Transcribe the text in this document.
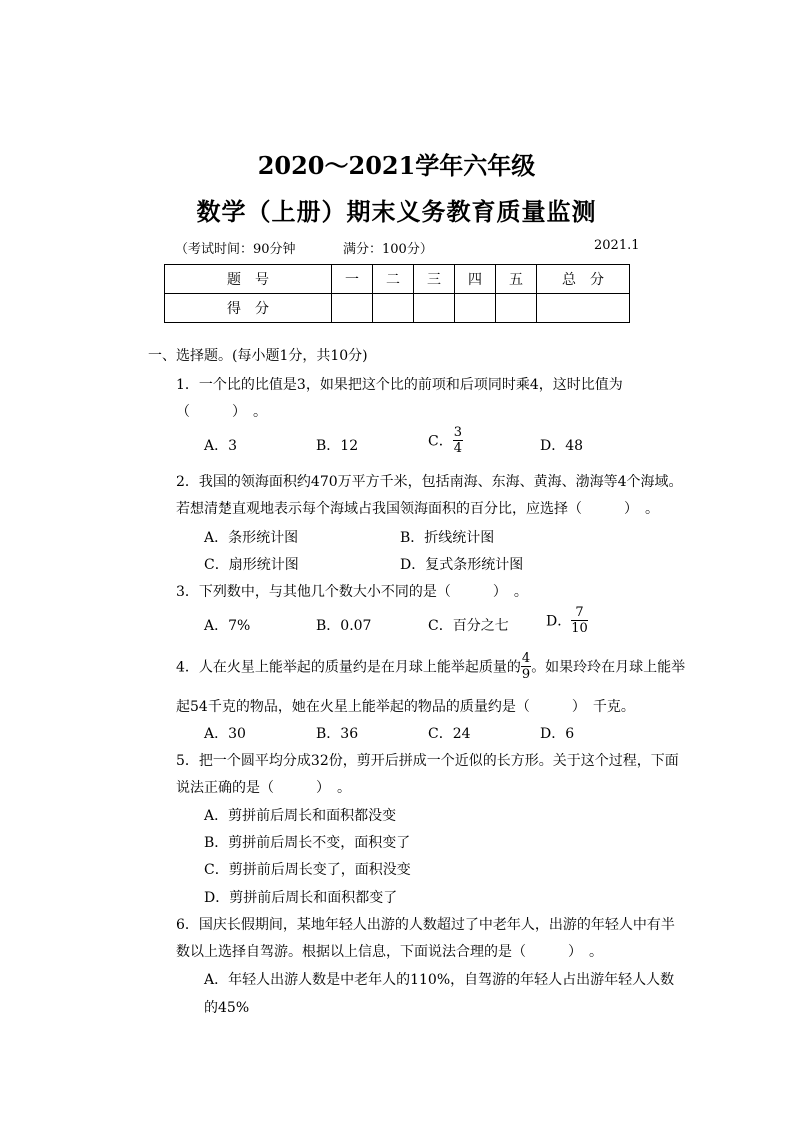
2020～2021学年六年级
数学（上册）期末义务教育质量监测
（考试时间：90分钟	满分：100分）	2021.1
题　号	一	二	三	四	五	总　分
得　分						
一、选择题。(每小题1分，共10分)
1．一个比的比值是3，如果把这个比的前项和后项同时乘4，这时比值为
（　　　）　。
A．3	B．12	C． $\frac{3}{4}$	D．48
2．我国的领海面积约470万平方千米，包括南海、东海、黄海、渤海等4个海域。
若想清楚直观地表示每个海域占我国领海面积的百分比，应选择（　　　）　。
A．条形统计图	B．折线统计图
C．扇形统计图	D．复式条形统计图
3．下列数中，与其他几个数大小不同的是（　　　）　。
A．7%	B．0.07	C．百分之七	D． $\frac{7}{10}$
4．人在火星上能举起的质量约是在月球上能举起质量的 $\frac{4}{9}$ 。如果玲玲在月球上能举
起54千克的物品，她在火星上能举起的物品的质量约是（　　　）　千克。
A．30	B．36	C．24	D．6
5．把一个圆平均分成32份，剪开后拼成一个近似的长方形。关于这个过程，下面
说法正确的是（　　　）　。
A．剪拼前后周长和面积都没变
B．剪拼前后周长不变，面积变了
C．剪拼前后周长变了，面积没变
D．剪拼前后周长和面积都变了
6．国庆长假期间，某地年轻人出游的人数超过了中老年人，出游的年轻人中有半
数以上选择自驾游。根据以上信息，下面说法合理的是（　　　）　。
A．年轻人出游人数是中老年人的110%，自驾游的年轻人占出游年轻人人数
的45%
